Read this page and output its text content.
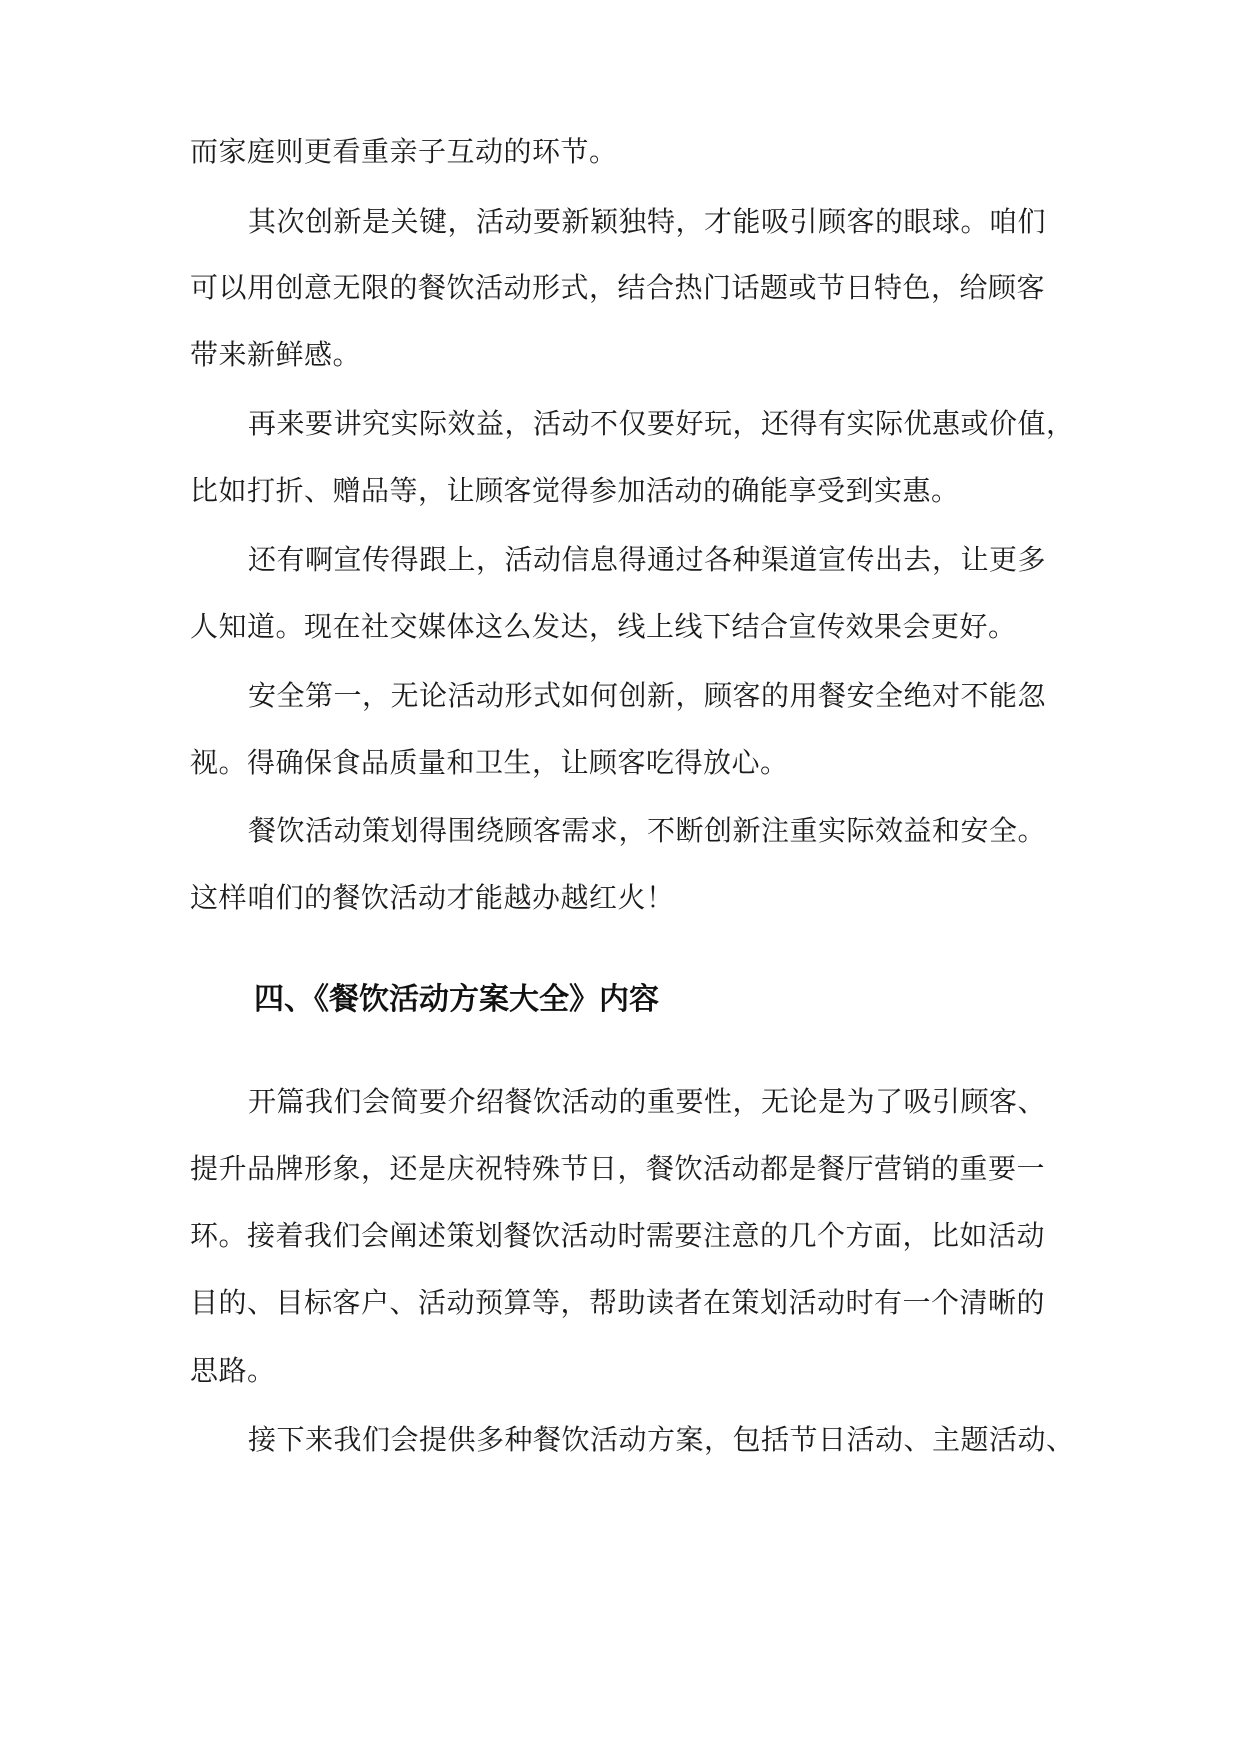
而家庭则更看重亲子互动的环节。
其次创新是关键，活动要新颖独特，才能吸引顾客的眼球。咱们
可以用创意无限的餐饮活动形式，结合热门话题或节日特色，给顾客
带来新鲜感。
再来要讲究实际效益，活动不仅要好玩，还得有实际优惠或价值，
比如打折、赠品等，让顾客觉得参加活动的确能享受到实惠。
还有啊宣传得跟上，活动信息得通过各种渠道宣传出去，让更多
人知道。现在社交媒体这么发达，线上线下结合宣传效果会更好。
安全第一，无论活动形式如何创新，顾客的用餐安全绝对不能忽
视。得确保食品质量和卫生，让顾客吃得放心。
餐饮活动策划得围绕顾客需求，不断创新注重实际效益和安全。
这样咱们的餐饮活动才能越办越红火！
四、《餐饮活动方案大全》内容
开篇我们会简要介绍餐饮活动的重要性，无论是为了吸引顾客、
提升品牌形象，还是庆祝特殊节日，餐饮活动都是餐厅营销的重要一
环。接着我们会阐述策划餐饮活动时需要注意的几个方面，比如活动
目的、目标客户、活动预算等，帮助读者在策划活动时有一个清晰的
思路。
接下来我们会提供多种餐饮活动方案，包括节日活动、主题活动、
